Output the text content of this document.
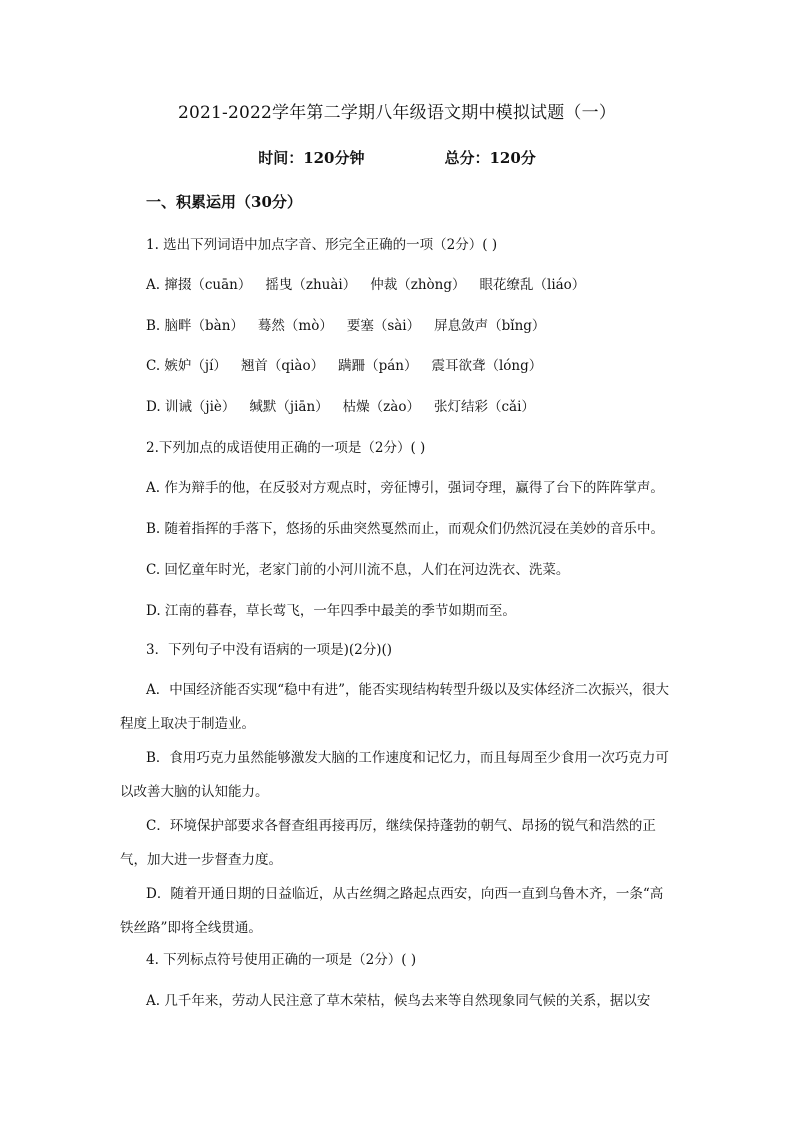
2021-2022学年第二学期八年级语文期中模拟试题（一）
时间：120分钟	总分：120分
一、积累运用（30分）
1. 选出下列词语中加点字音、形完全正确的一项（2分）( )
A. 撺掇（cuān） 摇曳（zhuài） 仲裁（zhòng） 眼花缭乱（liáo）
B. 脑畔（bàn） 蓦然（mò） 要塞（sài） 屏息敛声（bǐng）
C. 嫉妒（jí） 翘首（qiào） 蹒跚（pán） 震耳欲聋（lóng）
D. 训诫（jiè） 缄默（jiān） 枯燥（zào） 张灯结彩（cǎi）
2.下列加点的成语使用正确的一项是（2分）( )
A. 作为辩手的他，在反驳对方观点时，旁征博引，强词夺理，赢得了台下的阵阵掌声。
B. 随着指挥的手落下，悠扬的乐曲突然戛然而止，而观众们仍然沉浸在美妙的音乐中。
C. 回忆童年时光，老家门前的小河川流不息，人们在河边洗衣、洗菜。
D. 江南的暮春，草长莺飞，一年四季中最美的季节如期而至。
3．下列句子中没有语病的一项是)(2分)()
A．中国经济能否实现“稳中有进”，能否实现结构转型升级以及实体经济二次振兴，很大程度上取决于制造业。
B．食用巧克力虽然能够激发大脑的工作速度和记忆力，而且每周至少食用一次巧克力可以改善大脑的认知能力。
C．环境保护部要求各督查组再接再厉，继续保持蓬勃的朝气、昂扬的锐气和浩然的正气，加大进一步督查力度。
D．随着开通日期的日益临近，从古丝绸之路起点西安，向西一直到乌鲁木齐，一条“高铁丝路”即将全线贯通。
4. 下列标点符号使用正确的一项是（2分）( )
A. 几千年来，劳动人民注意了草木荣枯，候鸟去来等自然现象同气候的关系，据以安
